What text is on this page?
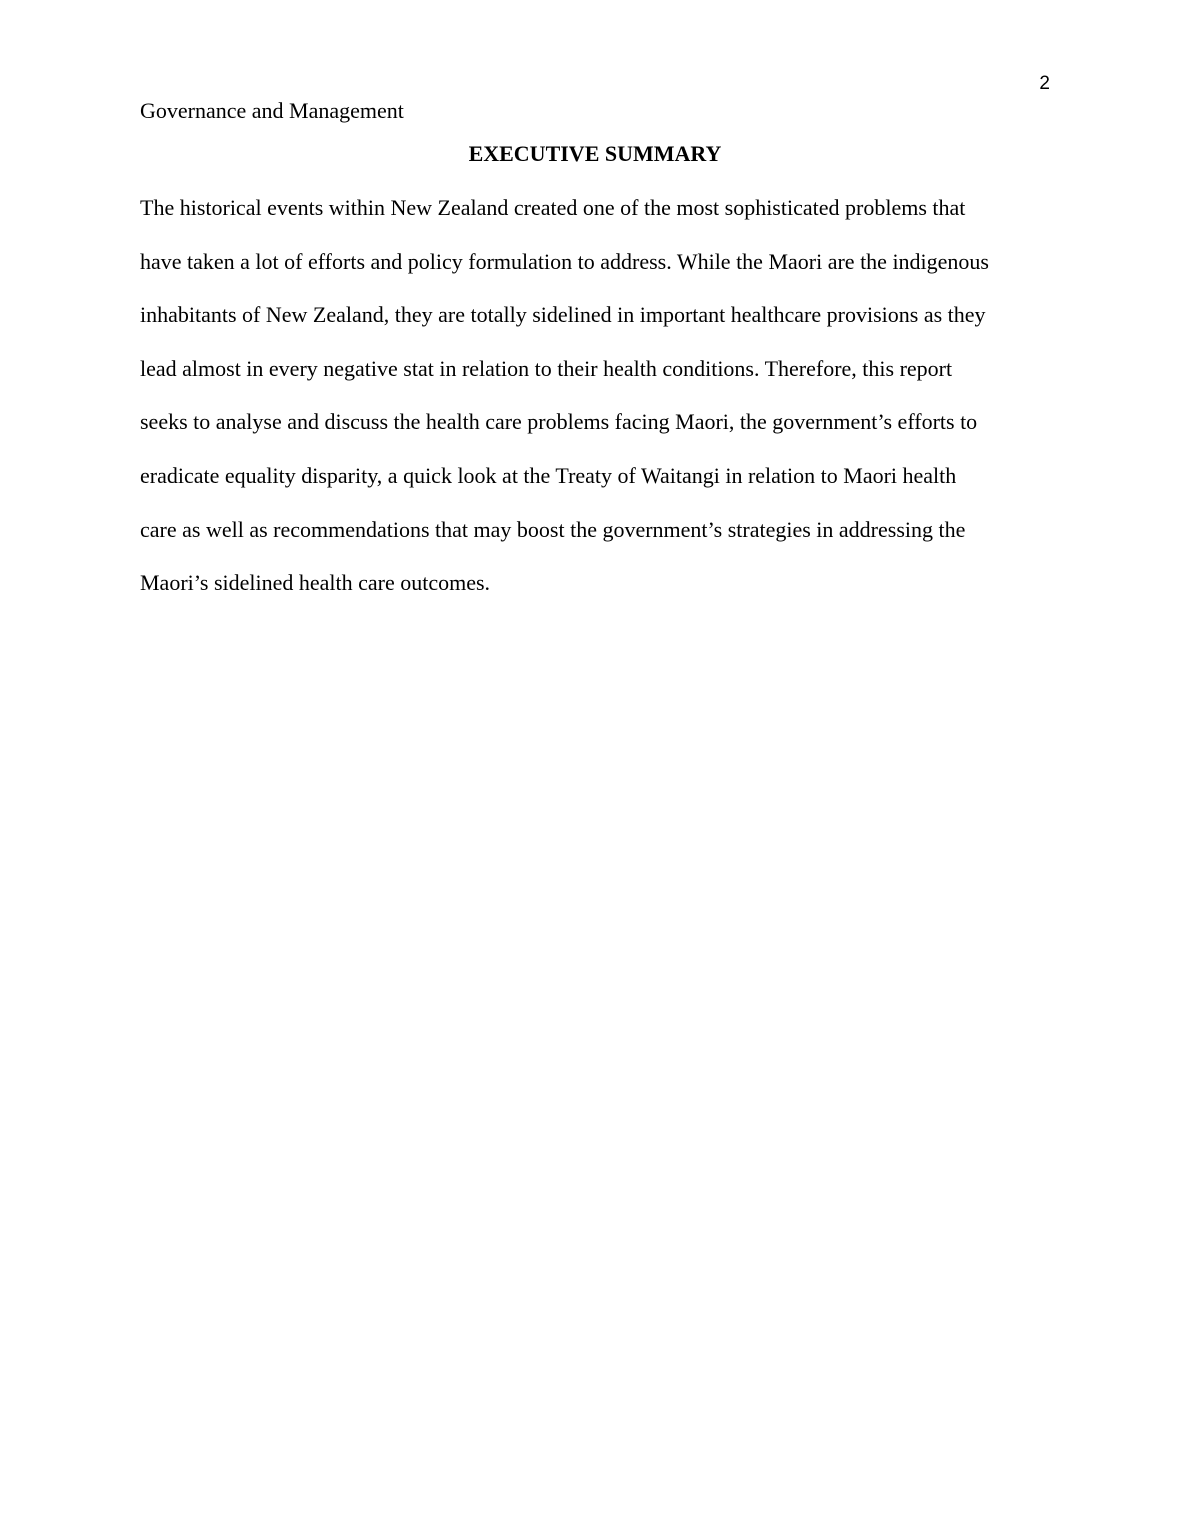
2
Governance and Management
EXECUTIVE SUMMARY
The historical events within New Zealand created one of the most sophisticated problems that
have taken a lot of efforts and policy formulation to address. While the Maori are the indigenous
inhabitants of New Zealand, they are totally sidelined in important healthcare provisions as they
lead almost in every negative stat in relation to their health conditions. Therefore, this report
seeks to analyse and discuss the health care problems facing Maori, the government’s efforts to
eradicate equality disparity, a quick look at the Treaty of Waitangi in relation to Maori health
care as well as recommendations that may boost the government’s strategies in addressing the
Maori’s sidelined health care outcomes.
